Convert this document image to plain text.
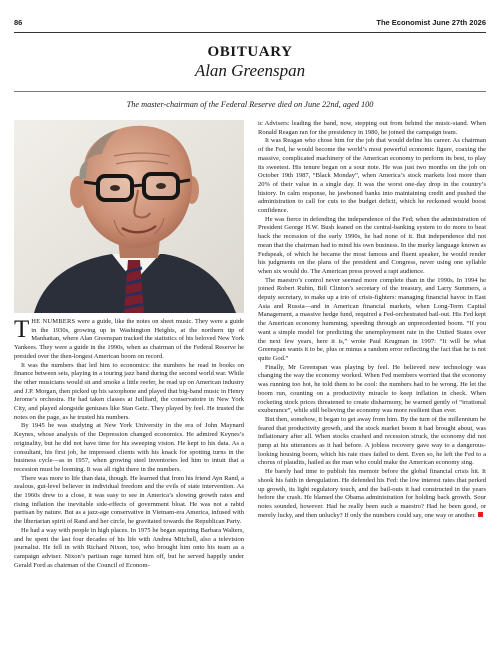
86	The Economist June 27th 2026
OBITUARY
Alan Greenspan
The master-chairman of the Federal Reserve died on June 22nd, aged 100

THE NUMBERS were a guide, like the notes on sheet music. They were a guide in the 1930s, growing up in Washington Heights, at the northern tip of Manhattan, where Alan Greenspan tracked the statistics of his beloved New York Yankees. They were a guide in the 1990s, when as chairman of the Federal Reserve he presided over the then-longest American boom on record.

It was the numbers that led him to economics: the numbers he read in books on finance between sets, playing in a touring jazz band during the second world war. While the other musicians would sit and smoke a little reefer, he read up on American industry and J.P. Morgan, then picked up his saxophone and played that big-band music in Henry Jerome’s orchestra. He had taken classes at Juilliard, the conservatoire in New York City, and played alongside geniuses like Stan Getz. They played by feel. He trusted the notes on the page, as he trusted his numbers.

By 1945 he was studying at New York University in the era of John Maynard Keynes, whose analysis of the Depression changed economics. He admired Keynes’s originality, but he did not have time for his sweeping vision. He kept to his data. As a consultant, his first job, he impressed clients with his knack for spotting turns in the business cycle—as in 1957, when growing steel inventories led him to intuit that a recession must be looming. It was all right there in the numbers.

There was more to life than data, though. He learned that from his friend Ayn Rand, a zealous, gut-level believer in individual freedom and the evils of state intervention. As the 1960s drew to a close, it was easy to see in America’s slowing growth rates and rising inflation the inevitable side-effects of government bloat. He was not a rabid partisan by nature. But as a jazz-age conservative in Vietnam-era America, infused with the libertarian spirit of Rand and her circle, he gravitated towards the Republican Party.

He had a way with people in high places. In 1975 he began squiring Barbara Walters, and he spent the last four decades of his life with Andrea Mitchell, also a television journalist. He fell in with Richard Nixon, too, who brought him onto his team as a campaign adviser. Nixon’s partisan rage turned him off, but he served happily under Gerald Ford as chairman of the Council of Econom-

ic Advisers: leading the band, now, stepping out from behind the music-stand. When Ronald Reagan ran for the presidency in 1980, he joined the campaign team.

It was Reagan who chose him for the job that would define his career. As chairman of the Fed, he would become the world’s most powerful economic figure, coaxing the massive, complicated machinery of the American economy to perform its best, to play its sweetest. His tenure began on a sour note. He was just two months on the job on October 19th 1987, “Black Monday”, when America’s stock markets lost more than 20% of their value in a single day. It was the worst one-day drop in the country’s history. In calm response, he jawboned banks into maintaining credit and pushed the administration to call for cuts to the budget deficit, which he reckoned would boost confidence.

He was fierce in defending the independence of the Fed; when the administration of President George H.W. Bush leaned on the central-banking system to do more to beat back the recession of the early 1990s, he had none of it. But independence did not mean that the chairman had to mind his own business. In the murky language known as Fedspeak, of which he became the most famous and fluent speaker, he would render his judgments on the plans of the president and Congress, never using one syllable when six would do. The American press proved a rapt audience.

The maestro’s control never seemed more complete than in the 1990s. In 1994 he joined Robert Rubin, Bill Clinton’s secretary of the treasury, and Larry Summers, a deputy secretary, to make up a trio of crisis-fighters: managing financial havoc in East Asia and Russia—and in American financial markets, when Long-Term Capital Management, a massive hedge fund, required a Fed-orchestrated bail-out. His Fed kept the American economy humming, speeding through an unprecedented boom. “If you want a simple model for predicting the unemployment rate in the United States over the next few years, here it is,” wrote Paul Krugman in 1997: “It will be what Greenspan wants it to be, plus or minus a random error reflecting the fact that he is not quite God.”

Finally, Mr Greenspan was playing by feel. He believed new technology was changing the way the economy worked. When Fed members worried that the economy was running too hot, he told them to be cool: the numbers had to be wrong. He let the boom run, counting on a productivity miracle to keep inflation in check. When rocketing stock prices threatened to create disharmony, he warned gently of “irrational exuberance”, while still believing the economy was more resilient than ever.

But then, somehow, it began to get away from him. By the turn of the millennium he feared that productivity growth, and the stock market boom it had brought about, was inflationary after all. When stocks crashed and recession struck, the economy did not jump at his utterances as it had before. A jobless recovery gave way to a dangerous-looking housing boom, which his rate rises failed to dent. Even so, he left the Fed to a chorus of plaudits, hailed as the man who could make the American economy sing.

He barely had time to publish his memoir before the global financial crisis hit. It shook his faith in deregulation. He defended his Fed: the low interest rates that perked up growth, its light regulatory touch, and the bail-outs it had constructed in the years before the crash. He blamed the Obama administration for holding back growth. Sour notes sounded, however. Had he really been such a maestro? Had he been good, or merely lucky, and then unlucky? If only the numbers could say, one way or another.
